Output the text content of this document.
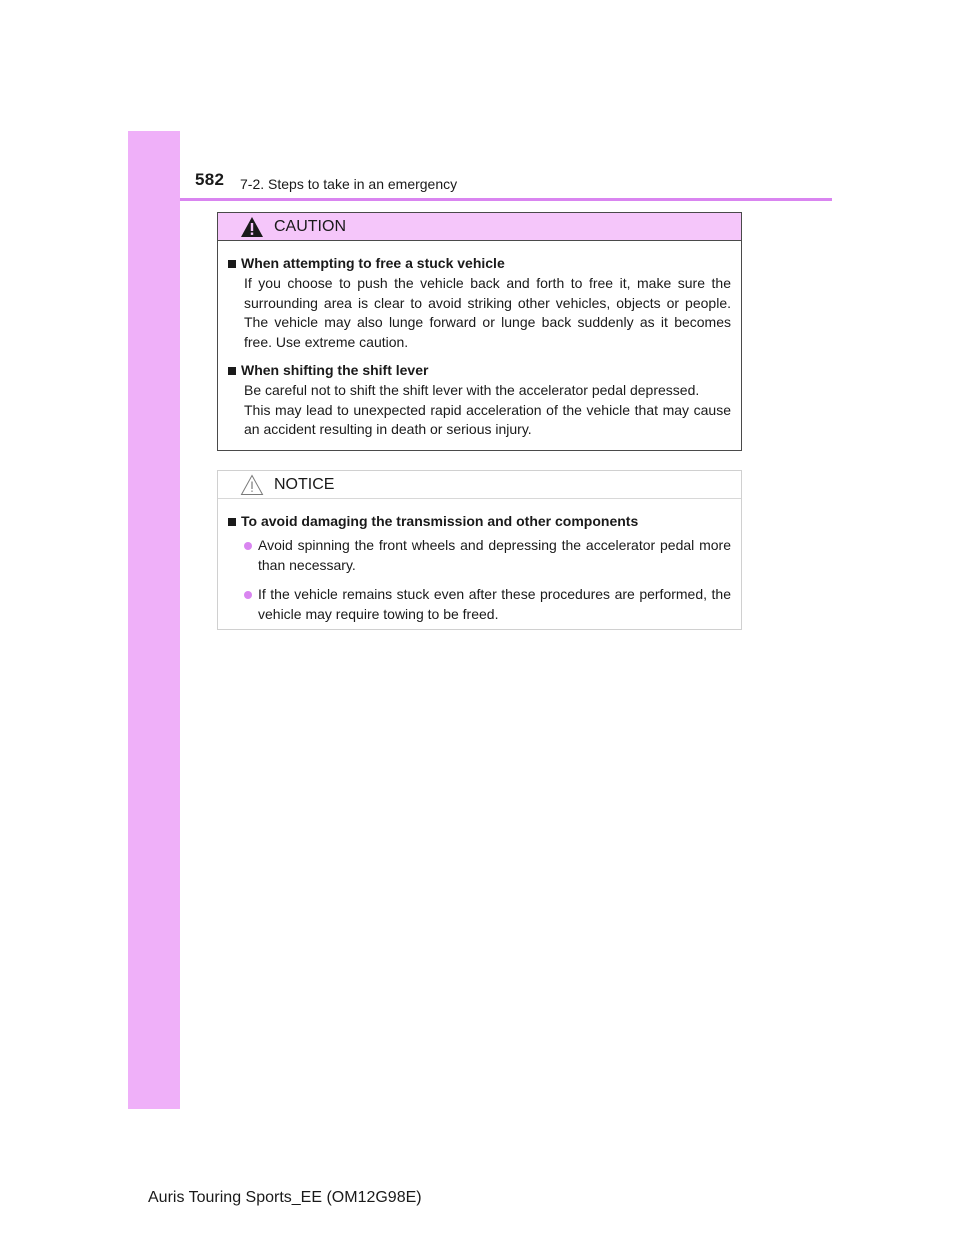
582 7-2. Steps to take in an emergency
CAUTION
When attempting to free a stuck vehicle
If you choose to push the vehicle back and forth to free it, make sure the surrounding area is clear to avoid striking other vehicles, objects or people. The vehicle may also lunge forward or lunge back suddenly as it becomes free. Use extreme caution.
When shifting the shift lever
Be careful not to shift the shift lever with the accelerator pedal depressed.
This may lead to unexpected rapid acceleration of the vehicle that may cause an accident resulting in death or serious injury.
NOTICE
To avoid damaging the transmission and other components
Avoid spinning the front wheels and depressing the accelerator pedal more than necessary.
If the vehicle remains stuck even after these procedures are performed, the vehicle may require towing to be freed.
Auris Touring Sports_EE (OM12G98E)
